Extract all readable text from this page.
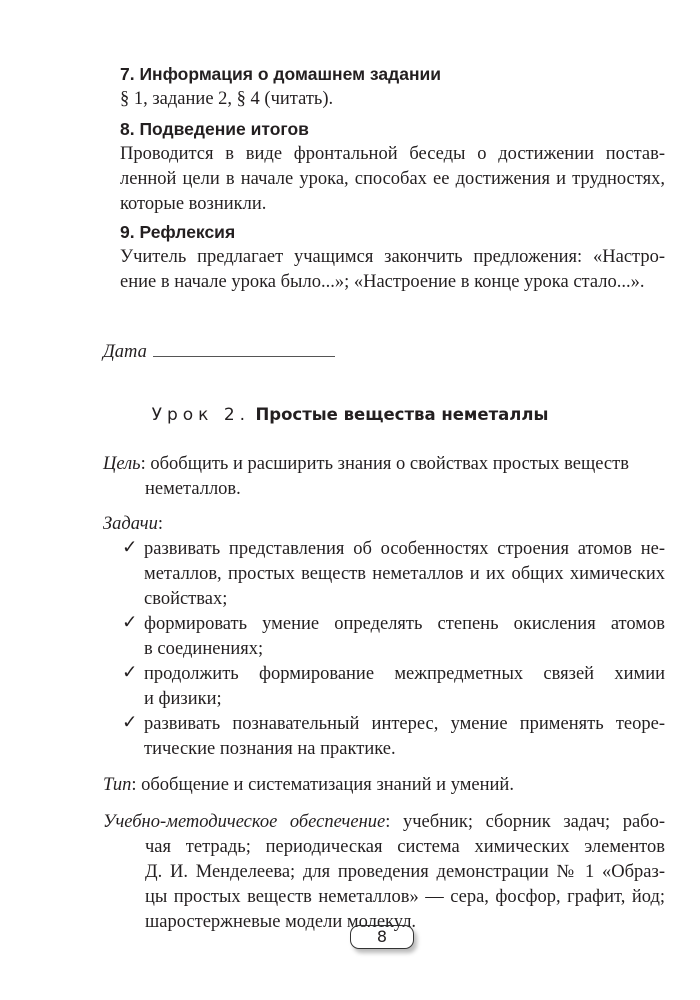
7. Информация о домашнем задании
§ 1, задание 2, § 4 (читать).
8. Подведение итогов
Проводится в виде фронтальной беседы о достижении постав-
ленной цели в начале урока, способах ее достижения и трудностях,
которые возникли.
9. Рефлексия
Учитель предлагает учащимся закончить предложения: «Настро-
ение в начале урока было...»; «Настроение в конце урока стало...».
Дата
Урок 2. Простые вещества неметаллы
Цель: обобщить и расширить знания о свойствах простых веществ
неметаллов.
Задачи:
✓ развивать представления об особенностях строения атомов не-
металлов, простых веществ неметаллов и их общих химических
свойствах;
✓ формировать умение определять степень окисления атомов
в соединениях;
✓ продолжить формирование межпредметных связей химии
и физики;
✓ развивать познавательный интерес, умение применять теоре-
тические познания на практике.
Тип: обобщение и систематизация знаний и умений.
Учебно-методическое обеспечение: учебник; сборник задач; рабо-
чая тетрадь; периодическая система химических элементов
Д. И. Менделеева; для проведения демонстрации № 1 «Образ-
цы простых веществ неметаллов» — сера, фосфор, графит, йод;
шаростержневые модели молекул.
8
